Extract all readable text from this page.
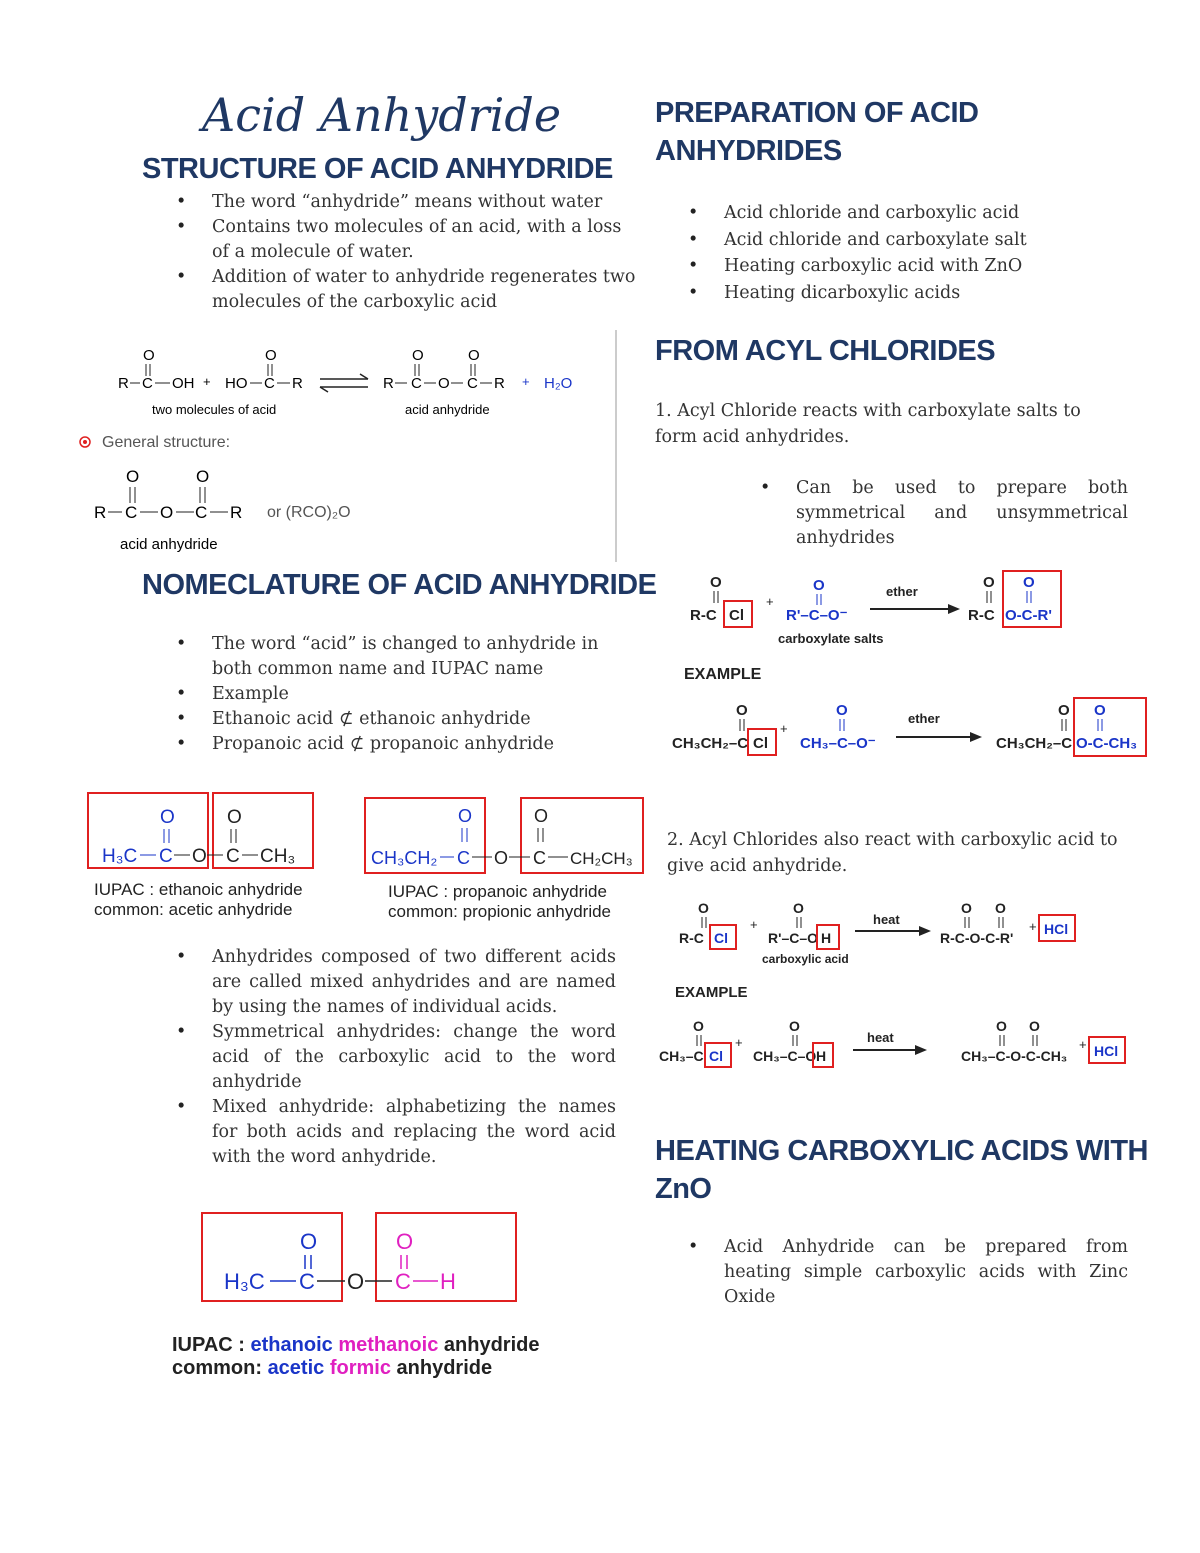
Acid Anhydride
STRUCTURE OF ACID ANHYDRIDE
• The word “anhydride” means without water
• Contains two molecules of an acid, with a loss of a molecule of water.
• Addition of water to anhydride regenerates two molecules of the carboxylic acid
O
R C OH + HO
O
C R
two molecules of acid
R
O
C O
O
C R + H₂O
acid anhydride
General structure:
O
R C O
O
C R or (RCO)₂O
acid anhydride
NOMECLATURE OF ACID ANHYDRIDE
• The word “acid” is changed to anhydride in both common name and IUPAC name
• Example
• Ethanoic acid ⊄ ethanoic anhydride
• Propanoic acid ⊄ propanoic anhydride
O
H₃C C O
O
C CH₃
IUPAC : ethanoic anhydride
common: acetic anhydride
O
CH₃CH₂ C O
O
C CH₂CH₃
IUPAC : propanoic anhydride
common: propionic anhydride
• Anhydrides composed of two different acids are called mixed anhydrides and are named by using the names of individual acids.
• Symmetrical anhydrides: change the word acid of the carboxylic acid to the word anhydride
• Mixed anhydride: alphabetizing the names for both acids and replacing the word acid with the word anhydride.
O
H₃C C O
O
C H
IUPAC : ethanoic methanoic anhydride
common: acetic formic anhydride
PREPARATION OF ACID
ANHYDRIDES
• Acid chloride and carboxylic acid
• Acid chloride and carboxylate salt
• Heating carboxylic acid with ZnO
• Heating dicarboxylic acids
FROM ACYL CHLORIDES

1. Acyl Chloride reacts with carboxylate salts to form acid anhydrides.

• Can be used to prepare both symmetrical and unsymmetrical anhydrides
O
R-C Cl
+
O
R'–C–O⁻
carboxylate salts
ether
O
R-C
O
O-C-R'
EXAMPLE
O
CH₃CH₂–C Cl
+
O
CH₃–C–O⁻
ether	O
CH₃CH₂–C
O
O-C-CH₃

2. Acyl Chlorides also react with carboxylic acid to give acid anhydride.

O
R-C Cl
+
O
R'–C–O H
carboxylic acid
heat
O O
R-C-O-C-R'
+ HCl
EXAMPLE
O
CH₃–C Cl
+
O
CH₃–C–O H
heat
O O
CH₃–C-O-C-CH₃
+ HCl
HEATING CARBOXYLIC ACIDS WITH
ZnO
• Acid Anhydride can be prepared from heating simple carboxylic acids with Zinc Oxide
